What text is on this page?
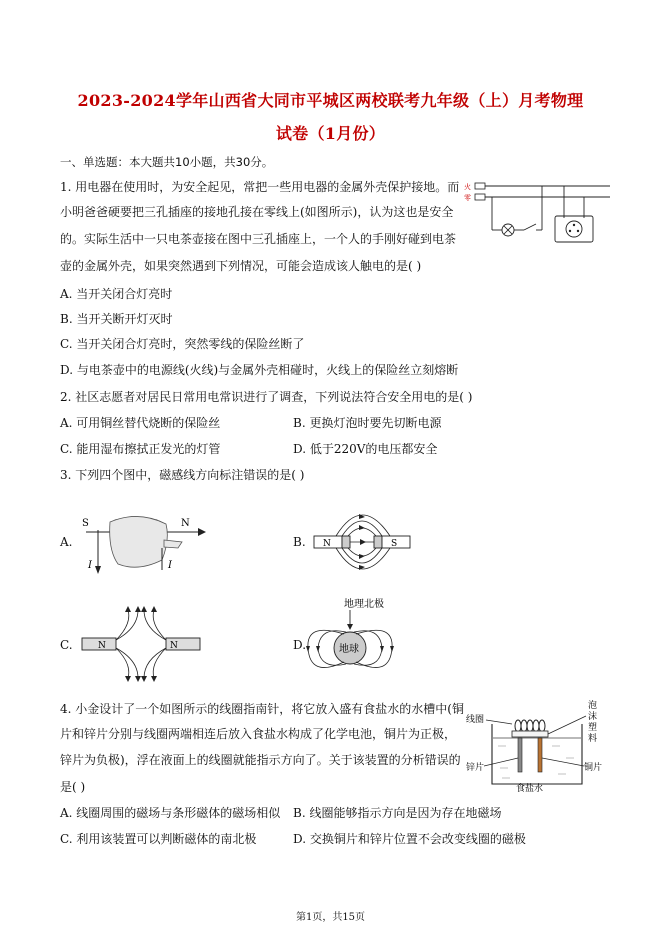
2023-2024学年山西省大同市平城区两校联考九年级（上）月考物理
试卷（1月份）
一、单选题：本大题共10小题，共30分。
1. 用电器在使用时，为安全起见，常把一些用电器的金属外壳保护接地。而
小明爸爸硬要把三孔插座的接地孔接在零线上(如图所示)，认为这也是安全
的。实际生活中一只电茶壶接在图中三孔插座上，一个人的手刚好碰到电茶
壶的金属外壳，如果突然遇到下列情况，可能会造成该人触电的是( )
A. 当开关闭合灯亮时
B. 当开关断开灯灭时
C. 当开关闭合灯亮时，突然零线的保险丝断了
D. 与电茶壶中的电源线(火线)与金属外壳相碰时，火线上的保险丝立刻熔断
火
零
2. 社区志愿者对居民日常用电常识进行了调查，下列说法符合安全用电的是( )
A. 可用铜丝替代烧断的保险丝	B. 更换灯泡时要先切断电源
C. 能用湿布擦拭正发光的灯管	D. 低于220V的电压都安全
3. 下列四个图中，磁感线方向标注错误的是( )
A.
S	N
I	I
B. N	S
C.	N	N	D.
地理北极
地球
4. 小金设计了一个如图所示的线圈指南针，将它放入盛有食盐水的水槽中(铜
片和锌片分别与线圈两端相连后放入食盐水构成了化学电池，铜片为正极，
锌片为负极)，浮在液面上的线圈就能指示方向了。关于该装置的分析错误的
是( )
A. 线圈周围的磁场与条形磁体的磁场相似 B. 线圈能够指示方向是因为存在地磁场
C. 利用该装置可以判断磁体的南北极	D. 交换铜片和锌片位置不会改变线圈的磁极
线圈
泡
沫
塑
料
锌片	铜片
食盐水
第1页，共15页
